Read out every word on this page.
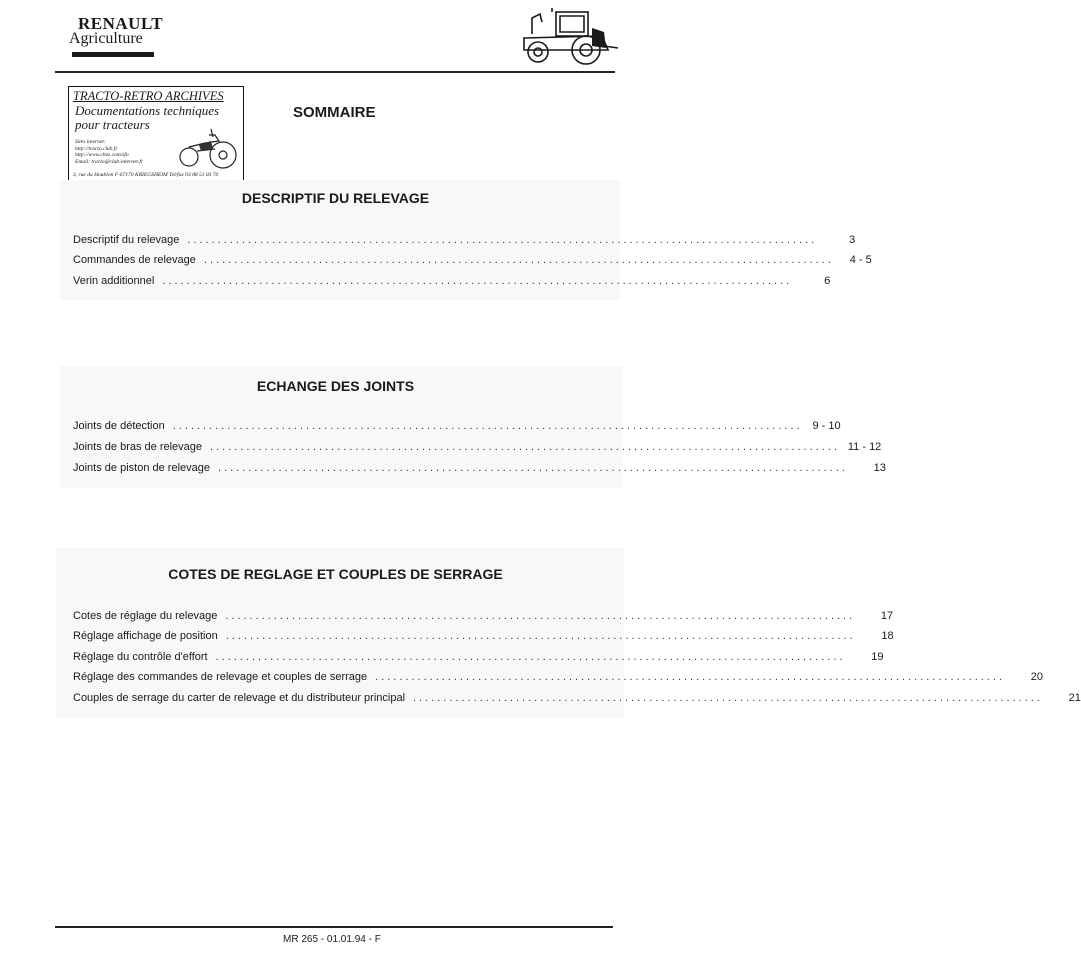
RENAULT
Agriculture
TRACTO-RETRO ARCHIVES
Documentations techniques pour tracteurs
Sites internet:
http://tracto.club.fr
http://www.chez.com/sfo
Email: tracto@club-internet.fr
3, rue du Houblon F-67170 KRIEGSHEIM Tel/fax 03 88 51 03 70
SOMMAIRE
DESCRIPTIF DU RELEVAGE
Descriptif du relevage ........................................................................................................	3
Commandes de relevage ........................................................................................................	4 - 5
Verin additionnel ........................................................................................................	6
ECHANGE DES JOINTS
Joints de détection ........................................................................................................ 9 - 10
Joints de bras de relevage ........................................................................................................ 11 - 12
Joints de piston de relevage ........................................................................................................	13
COTES DE REGLAGE ET COUPLES DE SERRAGE
Cotes de réglage du relevage ........................................................................................................	17
Réglage affichage de position ........................................................................................................	18
Réglage du contrôle d'effort ........................................................................................................	19
Réglage des commandes de relevage et couples de serrage ........................................................................................................	20
Couples de serrage du carter de relevage et du distributeur principal ........................................................................................................	21
MR 265 - 01.01.94 - F
